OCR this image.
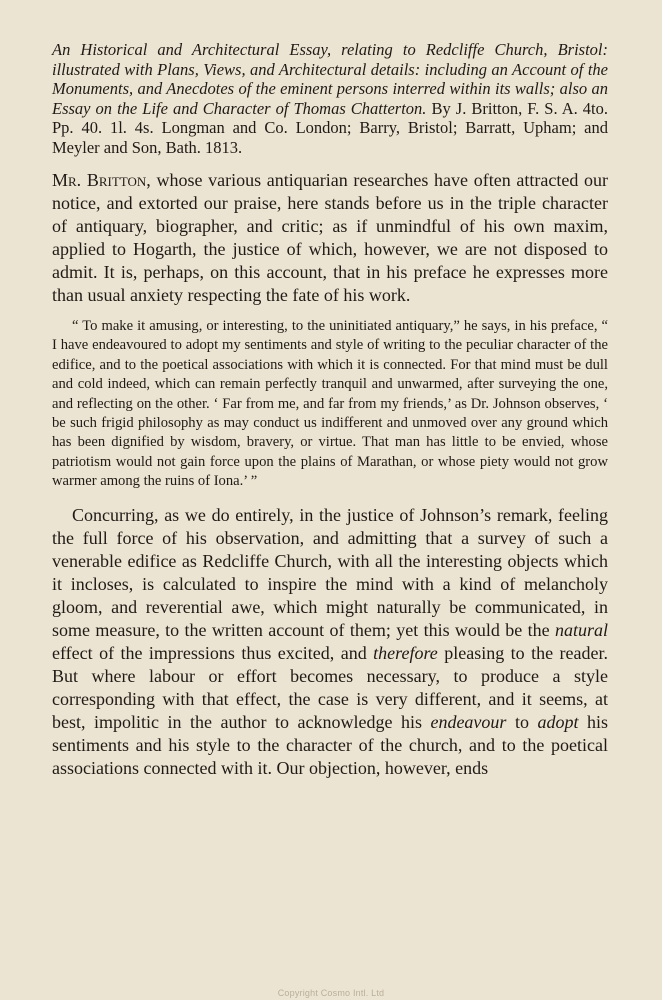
An Historical and Architectural Essay, relating to Redcliffe Church, Bristol: illustrated with Plans, Views, and Architectural details: including an Account of the Monuments, and Anecdotes of the eminent persons interred within its walls; also an Essay on the Life and Character of Thomas Chatterton. By J. Britton, F. S. A. 4to. Pp. 40. 1l. 4s. Longman and Co. London; Barry, Bristol; Barratt, Upham; and Meyler and Son, Bath. 1813.

Mr. Britton, whose various antiquarian researches have often attracted our notice, and extorted our praise, here stands before us in the triple character of antiquary, biographer, and critic; as if unmindful of his own maxim, applied to Hogarth, the justice of which, however, we are not disposed to admit. It is, perhaps, on this account, that in his preface he expresses more than usual anxiety respecting the fate of his work.

“ To make it amusing, or interesting, to the uninitiated antiquary,” he says, in his preface, “ I have endeavoured to adopt my sentiments and style of writing to the peculiar character of the edifice, and to the poetical associations with which it is connected. For that mind must be dull and cold indeed, which can remain perfectly tranquil and unwarmed, after surveying the one, and reflecting on the other. ‘ Far from me, and far from my friends,’ as Dr. Johnson observes, ‘ be such frigid philosophy as may conduct us indifferent and unmoved over any ground which has been dignified by wisdom, bravery, or virtue. That man has little to be envied, whose patriotism would not gain force upon the plains of Marathan, or whose piety would not grow warmer among the ruins of Iona.’ ”

Concurring, as we do entirely, in the justice of Johnson’s remark, feeling the full force of his observation, and admitting that a survey of such a venerable edifice as Redcliffe Church, with all the interesting objects which it incloses, is calculated to inspire the mind with a kind of melancholy gloom, and reverential awe, which might naturally be communicated, in some measure, to the written account of them; yet this would be the natural effect of the impressions thus excited, and therefore pleasing to the reader. But where labour or effort becomes necessary, to produce a style corresponding with that effect, the case is very different, and it seems, at best, impolitic in the author to acknowledge his endeavour to adopt his sentiments and his style to the character of the church, and to the poetical associations connected with it. Our objection, however, ends

Copyright Cosmo Intl. Ltd
